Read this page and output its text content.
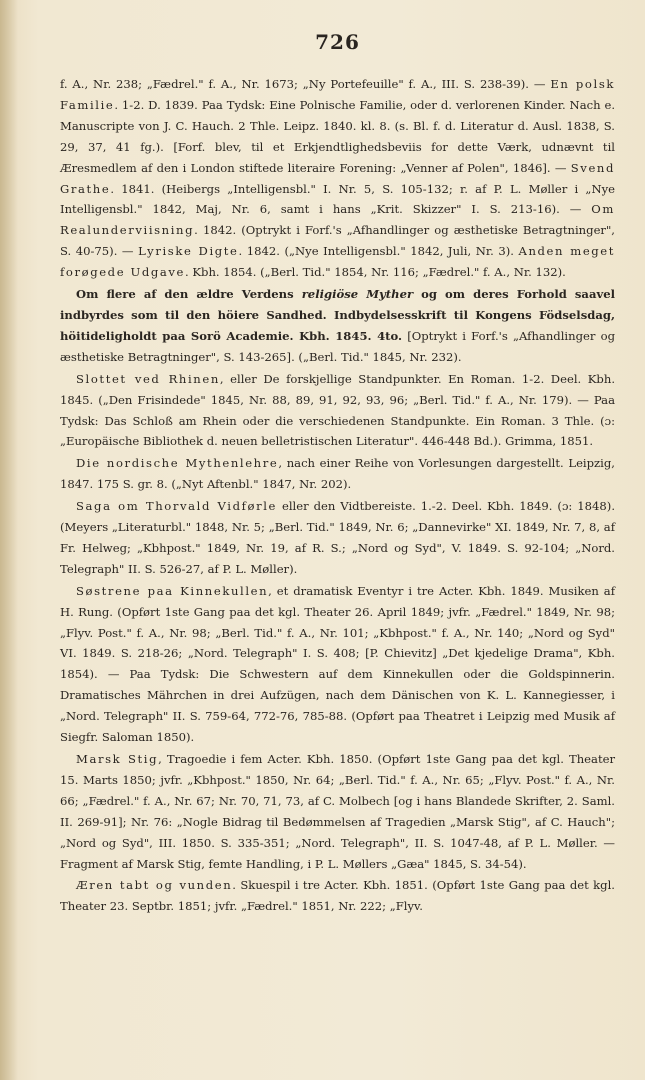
726

f. A., Nr. 238; „Fædrel." f. A., Nr. 1673; „Ny Portefeuille" f. A., III. S. 238-39). — En polsk Familie. 1-2. D. 1839. Paa Tydsk: Eine Polnische Familie, oder d. verlorenen Kinder. Nach e. Manuscripte von J. C. Hauch. 2 Thle. Leipz. 1840. kl. 8. (s. Bl. f. d. Literatur d. Ausl. 1838, S. 29, 37, 41 fg.). [Forf. blev, til et Erkjendtlighedsbeviis for dette Værk, udnævnt til Æresmedlem af den i London stiftede literaire Forening: „Venner af Polen", 1846]. — Svend Grathe. 1841. (Heibergs „Intelligensbl." I. Nr. 5, S. 105-132; r. af P. L. Møller i „Nye Intelligensbl." 1842, Maj, Nr. 6, samt i hans „Krit. Skizzer" I. S. 213-16). — Om Realunderviisning. 1842. (Optrykt i Forf.'s „Afhandlinger og æsthetiske Betragtninger", S. 40-75). — Lyriske Digte. 1842. („Nye Intelligensbl." 1842, Juli, Nr. 3). Anden meget forøgede Udgave. Kbh. 1854. („Berl. Tid." 1854, Nr. 116; „Fædrel." f. A., Nr. 132).

Om flere af den ældre Verdens religiöse Myther og om deres Forhold saavel indbyrdes som til den höiere Sandhed. Indbydelsesskrift til Kongens Födselsdag, höitideligholdt paa Sorö Academie. Kbh. 1845. 4to. [Optrykt i Forf.'s „Afhandlinger og æsthetiske Betragtninger", S. 143-265]. („Berl. Tid." 1845, Nr. 232).

Slottet ved Rhinen, eller De forskjellige Standpunkter. En Roman. 1-2. Deel. Kbh. 1845. („Den Frisindede" 1845, Nr. 88, 89, 91, 92, 93, 96; „Berl. Tid." f. A., Nr. 179). — Paa Tydsk: Das Schloß am Rhein oder die verschiedenen Standpunkte. Ein Roman. 3 Thle. (ɔ: „Europäische Bibliothek d. neuen belletristischen Literatur". 446-448 Bd.). Grimma, 1851.

Die nordische Mythenlehre, nach einer Reihe von Vorlesungen dargestellt. Leipzig, 1847. 175 S. gr. 8. („Nyt Aftenbl." 1847, Nr. 202).

Saga om Thorvald Vidførle eller den Vidtbereiste. 1.-2. Deel. Kbh. 1849. (ɔ: 1848). (Meyers „Literaturbl." 1848, Nr. 5; „Berl. Tid." 1849, Nr. 6; „Dannevirke" XI. 1849, Nr. 7, 8, af Fr. Helweg; „Kbhpost." 1849, Nr. 19, af R. S.; „Nord og Syd", V. 1849. S. 92-104; „Nord. Telegraph" II. S. 526-27, af P. L. Møller).

Søstrene paa Kinnekullen, et dramatisk Eventyr i tre Acter. Kbh. 1849. Musiken af H. Rung. (Opført 1ste Gang paa det kgl. Theater 26. April 1849; jvfr. „Fædrel." 1849, Nr. 98; „Flyv. Post." f. A., Nr. 98; „Berl. Tid." f. A., Nr. 101; „Kbhpost." f. A., Nr. 140; „Nord og Syd" VI. 1849. S. 218-26; „Nord. Telegraph" I. S. 408; [P. Chievitz] „Det kjedelige Drama", Kbh. 1854). — Paa Tydsk: Die Schwestern auf dem Kinnekullen oder die Goldspinnerin. Dramatisches Mährchen in drei Aufzügen, nach dem Dänischen von K. L. Kannegiesser, i „Nord. Telegraph" II. S. 759-64, 772-76, 785-88. (Opført paa Theatret i Leipzig med Musik af Siegfr. Saloman 1850).

Marsk Stig, Tragoedie i fem Acter. Kbh. 1850. (Opført 1ste Gang paa det kgl. Theater 15. Marts 1850; jvfr. „Kbhpost." 1850, Nr. 64; „Berl. Tid." f. A., Nr. 65; „Flyv. Post." f. A., Nr. 66; „Fædrel." f. A., Nr. 67; Nr. 70, 71, 73, af C. Molbech [og i hans Blandede Skrifter, 2. Saml. II. 269-91]; Nr. 76: „Nogle Bidrag til Bedømmelsen af Tragedien „Marsk Stig", af C. Hauch"; „Nord og Syd", III. 1850. S. 335-351; „Nord. Telegraph", II. S. 1047-48, af P. L. Møller. — Fragment af Marsk Stig, femte Handling, i P. L. Møllers „Gæa" 1845, S. 34-54).

Æren tabt og vunden. Skuespil i tre Acter. Kbh. 1851. (Opført 1ste Gang paa det kgl. Theater 23. Septbr. 1851; jvfr. „Fædrel." 1851, Nr. 222; „Flyv.
